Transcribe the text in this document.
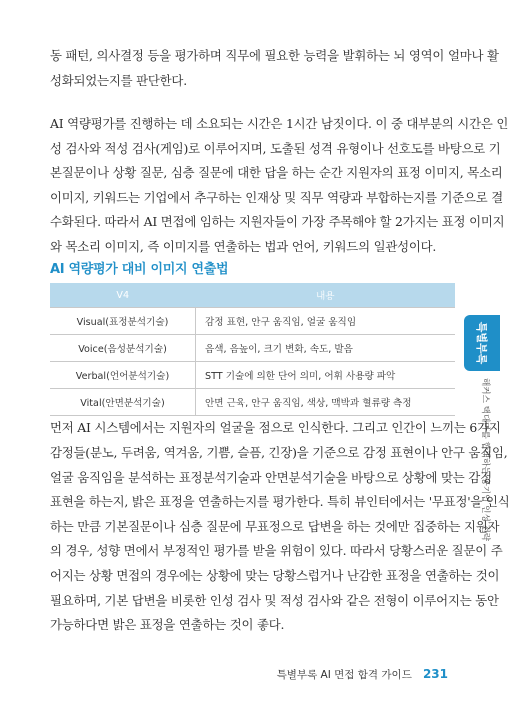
동 패턴, 의사결정 등을 평가하며 직무에 필요한 능력을 발휘하는 뇌 영역이 얼마나 활
성화되었는지를 판단한다.
AI 역량평가를 진행하는 데 소요되는 시간은 1시간 남짓이다. 이 중 대부분의 시간은 인
성 검사와 적성 검사(게임)로 이루어지며, 도출된 성격 유형이나 선호도를 바탕으로 기
본질문이나 상황 질문, 심층 질문에 대한 답을 하는 순간 지원자의 표정 이미지, 목소리
이미지, 키워드는 기업에서 추구하는 인재상 및 직무 역량과 부합하는지를 기준으로 결
수화된다. 따라서 AI 면접에 임하는 지원자들이 가장 주목해야 할 2가지는 표정 이미지
와 목소리 이미지, 즉 이미지를 연출하는 법과 언어, 키워드의 일관성이다.
AI 역량평가 대비 이미지 연출법
V4	내용
Visual(표정분석기술)	감정 표현, 안구 움직임, 얼굴 움직임
Voice(음성분석기술)	음색, 음높이, 크기 변화, 속도, 발음
Verbal(언어분석기술)	STT 기술에 의한 단어 의미, 어휘 사용량 파악
Vital(안면분석기술)	안면 근육, 안구 움직임, 색상, 맥박과 혈류량 측정
특별부록
해커스 택대마를 합격하는 공기업 인성 전략

먼저 AI 시스템에서는 지원자의 얼굴을 점으로 인식한다. 그리고 인간이 느끼는 6가지
감정들(분노, 두려움, 역겨움, 기쁨, 슬픔, 긴장)을 기준으로 감정 표현이나 안구 움직임,
얼굴 움직임을 분석하는 표정분석기술과 안면분석기술을 바탕으로 상황에 맞는 감정
표현을 하는지, 밝은 표정을 연출하는지를 평가한다. 특히 뷰인터에서는 '무표정'을 인식
하는 만큼 기본질문이나 심층 질문에 무표정으로 답변을 하는 것에만 집중하는 지원자
의 경우, 성향 면에서 부정적인 평가를 받을 위험이 있다. 따라서 당황스러운 질문이 주
어지는 상황 면접의 경우에는 상황에 맞는 당황스럽거나 난감한 표정을 연출하는 것이
필요하며, 기본 답변을 비롯한 인성 검사 및 적성 검사와 같은 전형이 이루어지는 동안
가능하다면 밝은 표정을 연출하는 것이 좋다.

특별부록 AI 면접 합격 가이드 231
